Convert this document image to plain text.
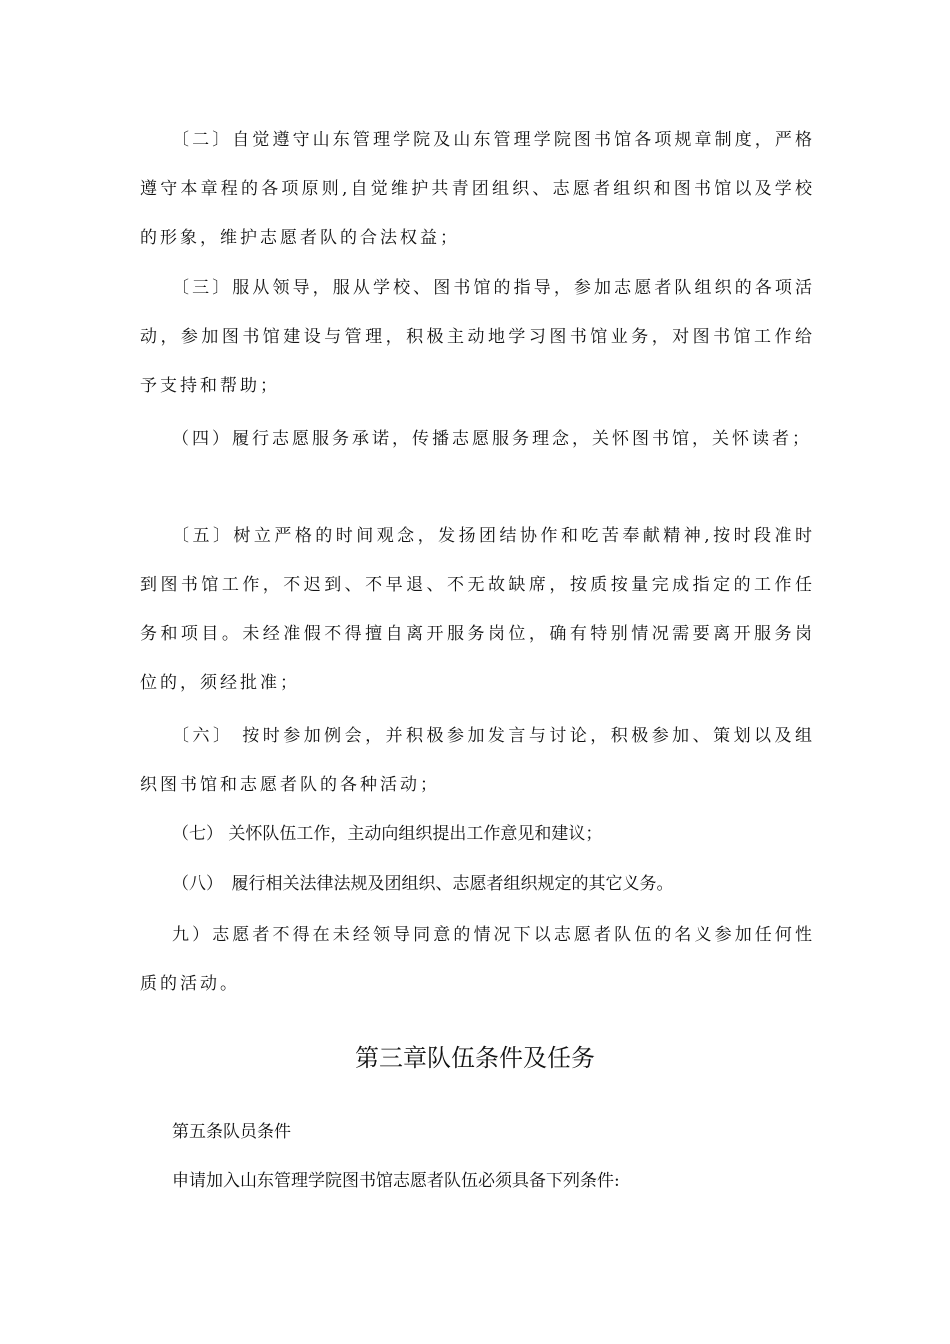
〔二〕自觉遵守山东管理学院及山东管理学院图书馆各项规章制度，严格遵守本章程的各项原则,自觉维护共青团组织、志愿者组织和图书馆以及学校的形象，维护志愿者队的合法权益；

〔三〕服从领导，服从学校、图书馆的指导，参加志愿者队组织的各项活动，参加图书馆建设与管理，积极主动地学习图书馆业务，对图书馆工作给予支持和帮助；

（四）履行志愿服务承诺，传播志愿服务理念，关怀图书馆，关怀读者；

〔五〕树立严格的时间观念，发扬团结协作和吃苦奉献精神,按时段准时到图书馆工作，不迟到、不早退、不无故缺席，按质按量完成指定的工作任务和项目。未经准假不得擅自离开服务岗位，确有特别情况需要离开服务岗位的，须经批准；

〔六〕 按时参加例会，并积极参加发言与讨论，积极参加、策划以及组织图书馆和志愿者队的各种活动；

（七） 关怀队伍工作，主动向组织提出工作意见和建议；

（八）　履行相关法律法规及团组织、志愿者组织规定的其它义务。

九）志愿者不得在未经领导同意的情况下以志愿者队伍的名义参加任何性质的活动。

第三章队伍条件及任务

第五条队员条件

申请加入山东管理学院图书馆志愿者队伍必须具备下列条件:
